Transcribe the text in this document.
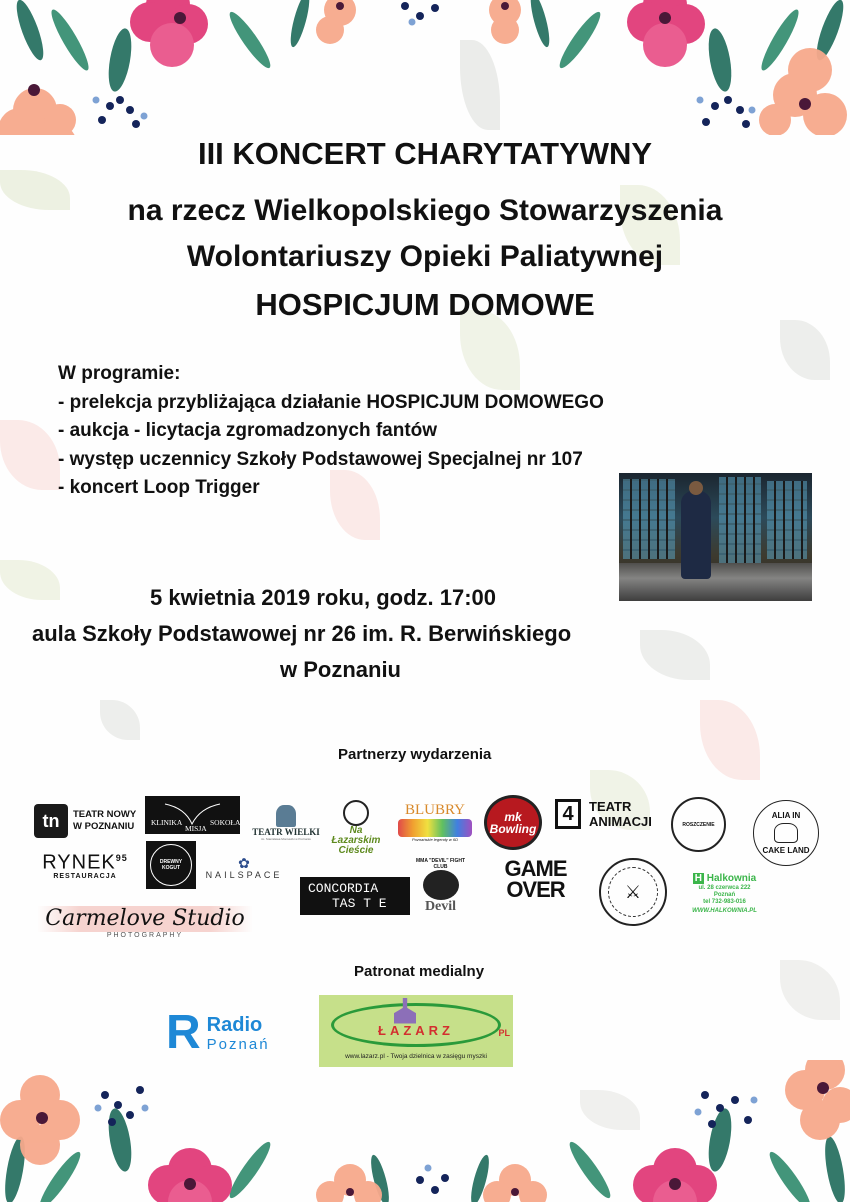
III KONCERT CHARYTATYWNY
na rzecz Wielkopolskiego Stowarzyszenia
Wolontariuszy Opieki Paliatywnej
HOSPICJUM DOMOWE
W programie:
- prelekcja przybliżająca działanie HOSPICJUM DOMOWEGO
- aukcja - licytacja zgromadzonych fantów
- występ uczennicy Szkoły Podstawowej Specjalnej nr 107
- koncert Loop Trigger
5 kwietnia 2019 roku, godz. 17:00
aula Szkoły Podstawowej nr 26 im. R. Berwińskiego
w Poznaniu
Partnerzy wydarzenia
tn	TEATR NOWY
W POZNANIU KLINIKA
MISJA
SOKOŁA
TEATR WIELKI
im. Stanisława Moniuszki w Poznaniu
Na
Łazarskim
Cieście
BLUBRY
Poznańskie legendy w 6D
mk
Bowling
4	TEATR
ANIMACJI	ROSZCZENIE
ALIA IN
CAKE LAND
RYNEK$^{95}$
RESTAURACJA
DREWNY KOGUT	✿
NAILSPACE
CONCORDIA
TAS T E
MMA "DEVIL" FIGHT CLUB
Devil
GAME
OVER	⚔
H Halkownia
ul. 28 czerwca 222
Poznań
tel 732-983-016
WWW.HALKOWNIA.PL
Carmelove Studio
PHOTOGRAPHY
Patronat medialny
R Radio
Poznań
ŁAZARZ	PL
www.lazarz.pl - Twoja dzielnica w zasięgu myszki
